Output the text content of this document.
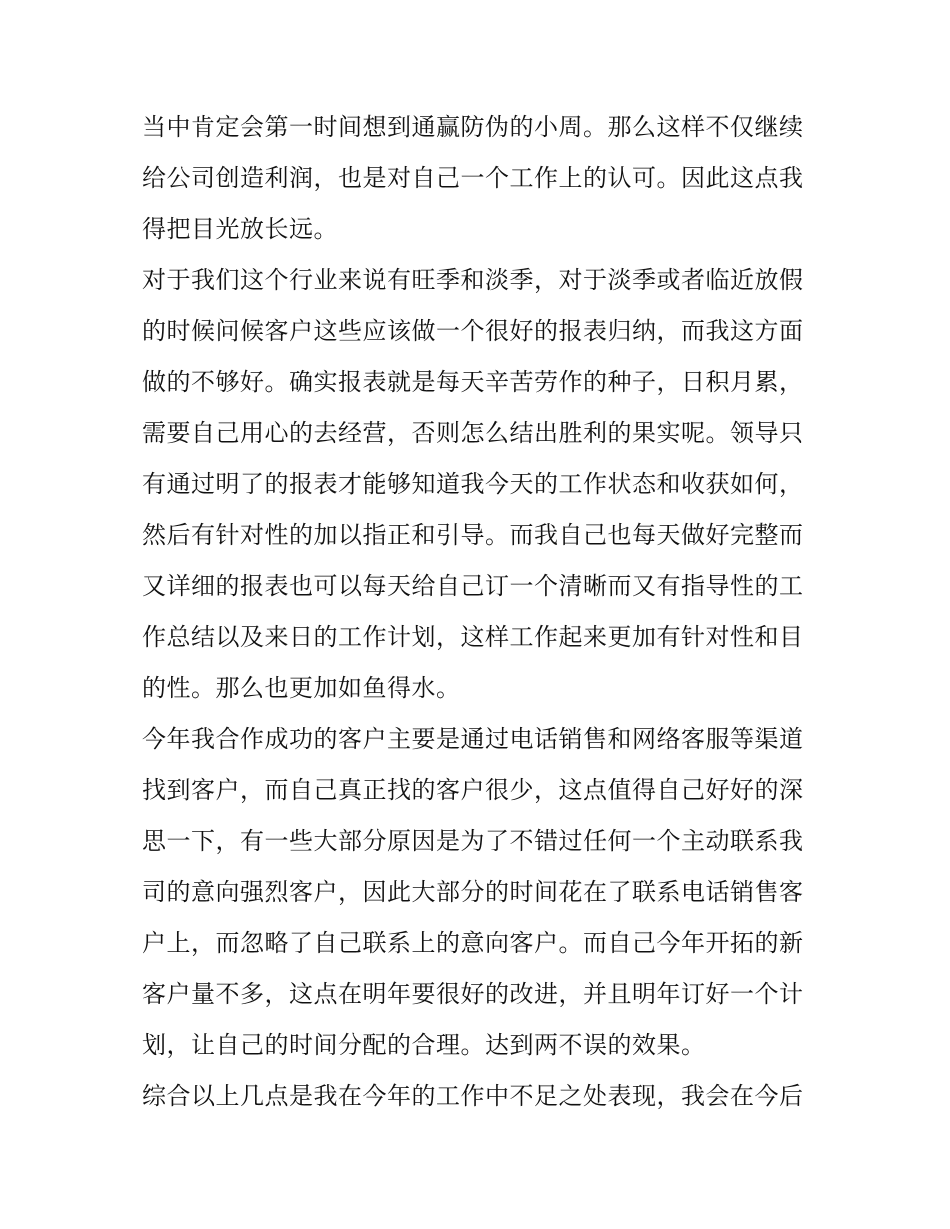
当中肯定会第一时间想到通赢防伪的小周。那么这样不仅继续
给公司创造利润，也是对自己一个工作上的认可。因此这点我
得把目光放长远。
对于我们这个行业来说有旺季和淡季，对于淡季或者临近放假
的时候问候客户这些应该做一个很好的报表归纳，而我这方面
做的不够好。确实报表就是每天辛苦劳作的种子，日积月累，
需要自己用心的去经营，否则怎么结出胜利的果实呢。领导只
有通过明了的报表才能够知道我今天的工作状态和收获如何，
然后有针对性的加以指正和引导。而我自己也每天做好完整而
又详细的报表也可以每天给自己订一个清晰而又有指导性的工
作总结以及来日的工作计划，这样工作起来更加有针对性和目
的性。那么也更加如鱼得水。
今年我合作成功的客户主要是通过电话销售和网络客服等渠道
找到客户，而自己真正找的客户很少，这点值得自己好好的深
思一下，有一些大部分原因是为了不错过任何一个主动联系我
司的意向强烈客户，因此大部分的时间花在了联系电话销售客
户上，而忽略了自己联系上的意向客户。而自己今年开拓的新
客户量不多，这点在明年要很好的改进，并且明年订好一个计
划，让自己的时间分配的合理。达到两不误的效果。
综合以上几点是我在今年的工作中不足之处表现，我会在今后
